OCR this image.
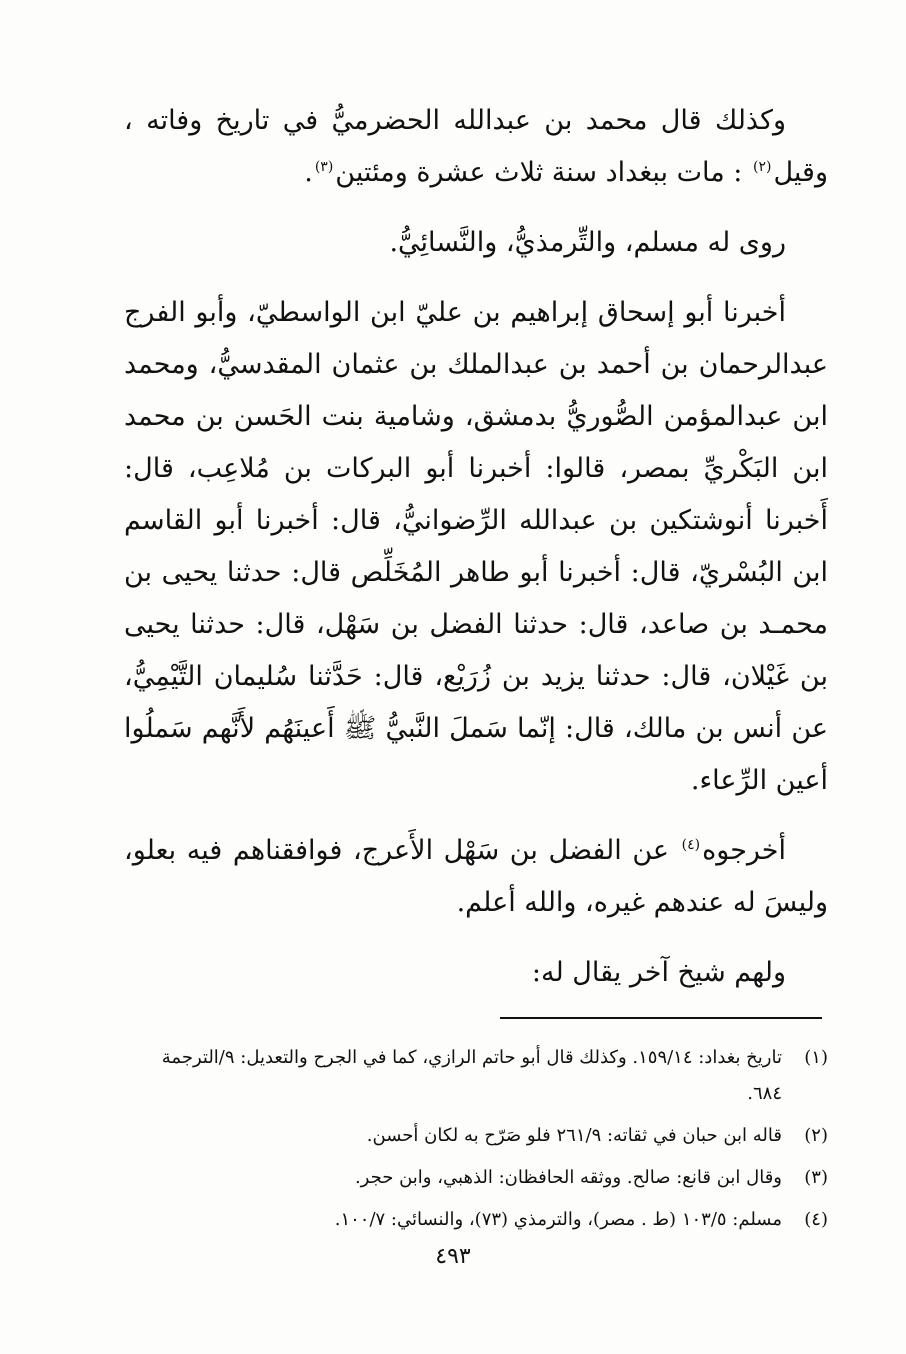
وكذلك قال محمد بن عبدالله الحضرميُّ في تاريخ وفاته ، وقيل$^{(٢)}$ : مات ببغداد سنة ثلاث عشرة ومئتين$^{(٣)}$.

روى له مسلم، والتِّرمذيُّ، والنَّسائِيُّ.

أخبرنا أبو إسحاق إبراهيم بن عليّ ابن الواسطيّ، وأبو الفرج عبدالرحمان بن أحمد بن عبدالملك بن عثمان المقدسيُّ، ومحمد ابن عبدالمؤمن الصُّوريُّ بدمشق، وشامية بنت الحَسن بن محمد ابن البَكْريِّ بمصر، قالوا: أخبرنا أبو البركات بن مُلاعِب، قال: أَخبرنا أنوشتكين بن عبدالله الرِّضوانيُّ، قال: أخبرنا أبو القاسم ابن البُسْريّ، قال: أخبرنا أبو طاهر المُخَلِّص قال: حدثنا يحيى بن محمـد بن صاعد، قال: حدثنا الفضل بن سَهْل، قال: حدثنا يحيى بن غَيْلان، قال: حدثنا يزيد بن زُرَيْع، قال: حَدَّثنا سُليمان التَّيْمِيُّ، عن أنس بن مالك، قال: إنّما سَملَ النَّبيُّ ﷺ أَعينَهُم لأَنَّهم سَملُوا أعين الرِّعاء.

أخرجوه$^{(٤)}$ عن الفضل بن سَهْل الأَعرج، فوافقناهم فيه بعلو، وليسَ له عندهم غيره، والله أعلم.

ولهم شيخ آخر يقال له:

(١)
تاريخ بغداد: ١٥٩/١٤. وكذلك قال أبو حاتم الرازي، كما في الجرح والتعديل: ٩/الترجمة ٦٨٤.
(٢)
قاله ابن حبان في ثقاته: ٢٦١/٩ فلو صَرّح به لكان أحسن.
(٣)
وقال ابن قانع: صالح. ووثقه الحافظان: الذهبي، وابن حجر.
(٤)
مسلم: ١٠٣/٥ (ط . مصر)، والترمذي (٧٣)، والنسائي: ١٠٠/٧.
٤٩٣
